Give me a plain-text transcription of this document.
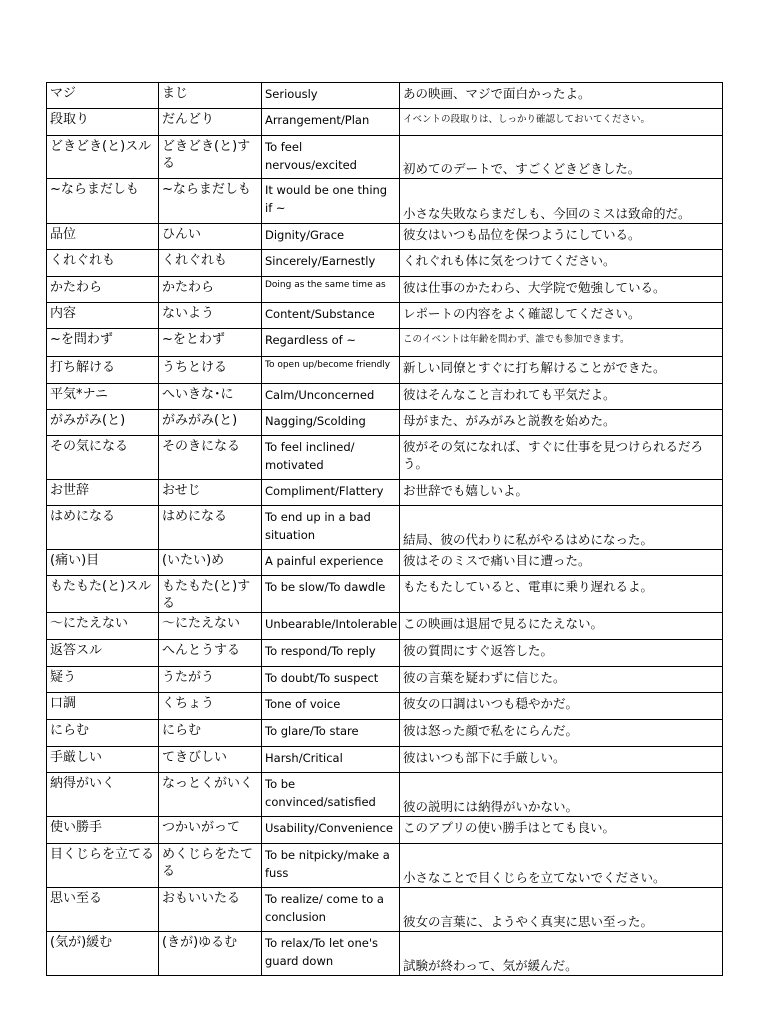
マジ	まじ	Seriously	あの映画、マジで面白かったよ。
段取り	だんどり	Arrangement/Plan	イベントの段取りは、しっかり確認しておいてください。
どきどき(と)スル	どきどき(と)する	To feel nervous/excited	初めてのデートで、すごくどきどきした。
~ならまだしも	~ならまだしも	It would be one thing if ~	小さな失敗ならまだしも、今回のミスは致命的だ。
品位	ひんい	Dignity/Grace	彼女はいつも品位を保つようにしている。
くれぐれも	くれぐれも	Sincerely/Earnestly	くれぐれも体に気をつけてください。
かたわら	かたわら	Doing as the same time as	彼は仕事のかたわら、大学院で勉強している。
内容	ないよう	Content/Substance	レポートの内容をよく確認してください。
~を問わず	~をとわず	Regardless of ~	このイベントは年齢を問わず、誰でも参加できます。
打ち解ける	うちとける	To open up/become friendly	新しい同僚とすぐに打ち解けることができた。
平気*ナニ	へいきな･に	Calm/Unconcerned	彼はそんなこと言われても平気だよ。
がみがみ(と)	がみがみ(と)	Nagging/Scolding	母がまた、がみがみと説教を始めた。
その気になる	そのきになる	To feel inclined/ motivated	彼がその気になれば、すぐに仕事を見つけられるだろう。
お世辞	おせじ	Compliment/Flattery	お世辞でも嬉しいよ。
はめになる	はめになる	To end up in a bad situation	結局、彼の代わりに私がやるはめになった。
(痛い)目	(いたい)め	A painful experience	彼はそのミスで痛い目に遭った。
もたもた(と)スル	もたもた(と)する	To be slow/To dawdle	もたもたしていると、電車に乗り遅れるよ。
～にたえない	～にたえない	Unbearable/Intolerable	この映画は退屈で見るにたえない。
返答スル	へんとうする	To respond/To reply	彼の質問にすぐ返答した。
疑う	うたがう	To doubt/To suspect	彼の言葉を疑わずに信じた。
口調	くちょう	Tone of voice	彼女の口調はいつも穏やかだ。
にらむ	にらむ	To glare/To stare	彼は怒った顔で私をにらんだ。
手厳しい	てきびしい	Harsh/Critical	彼はいつも部下に手厳しい。
納得がいく	なっとくがいく	To be convinced/satisfied	彼の説明には納得がいかない。
使い勝手	つかいがって	Usability/Convenience	このアプリの使い勝手はとても良い。
目くじらを立てる	めくじらをたてる	To be nitpicky/make a fuss	小さなことで目くじらを立てないでください。
思い至る	おもいいたる	To realize/ come to a conclusion	彼女の言葉に、ようやく真実に思い至った。
(気が)緩む	(きが)ゆるむ	To relax/To let one's guard down	試験が終わって、気が緩んだ。
